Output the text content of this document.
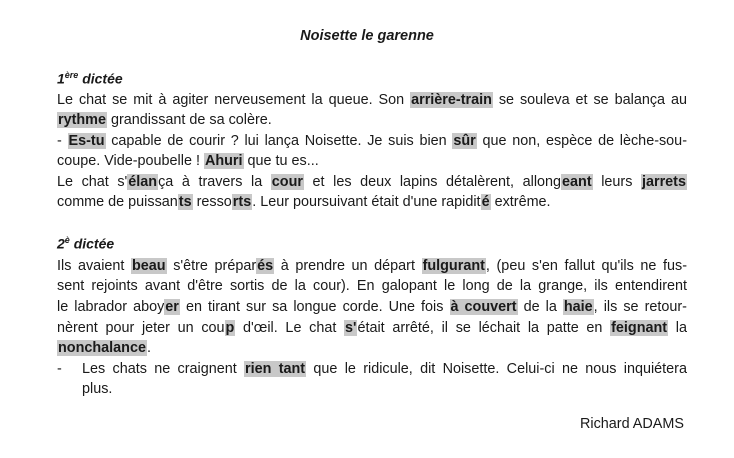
Noisette le garenne
1ère dictée
Le chat se mit à agiter nerveusement la queue. Son arrière-train se souleva et se balança au
rythme grandissant de sa colère.
- Es-tu capable de courir ? lui lança Noisette. Je suis bien sûr que non, espèce de lèche-sou-
coupe. Vide-poubelle ! Ahuri que tu es...
Le chat s'élança à travers la cour et les deux lapins détalèrent, allongeant leurs jarrets
comme de puissants ressorts. Leur poursuivant était d'une rapidité extrême.
$2^è$ dictée
Ils avaient beau s'être préparés à prendre un départ fulgurant, (peu s'en fallut qu'ils ne fus-
sent rejoints avant d'être sortis de la cour). En galopant le long de la grange, ils entendirent
le labrador aboyer en tirant sur sa longue corde. Une fois à couvert de la haie, ils se retour-
nèrent pour jeter un coup d'œil. Le chat s'était arrêté, il se léchait la patte en feignant la
nonchalance.
- Les chats ne craignent rien tant que le ridicule, dit Noisette. Celui-ci ne nous inquiétera
plus.
Richard ADAMS
